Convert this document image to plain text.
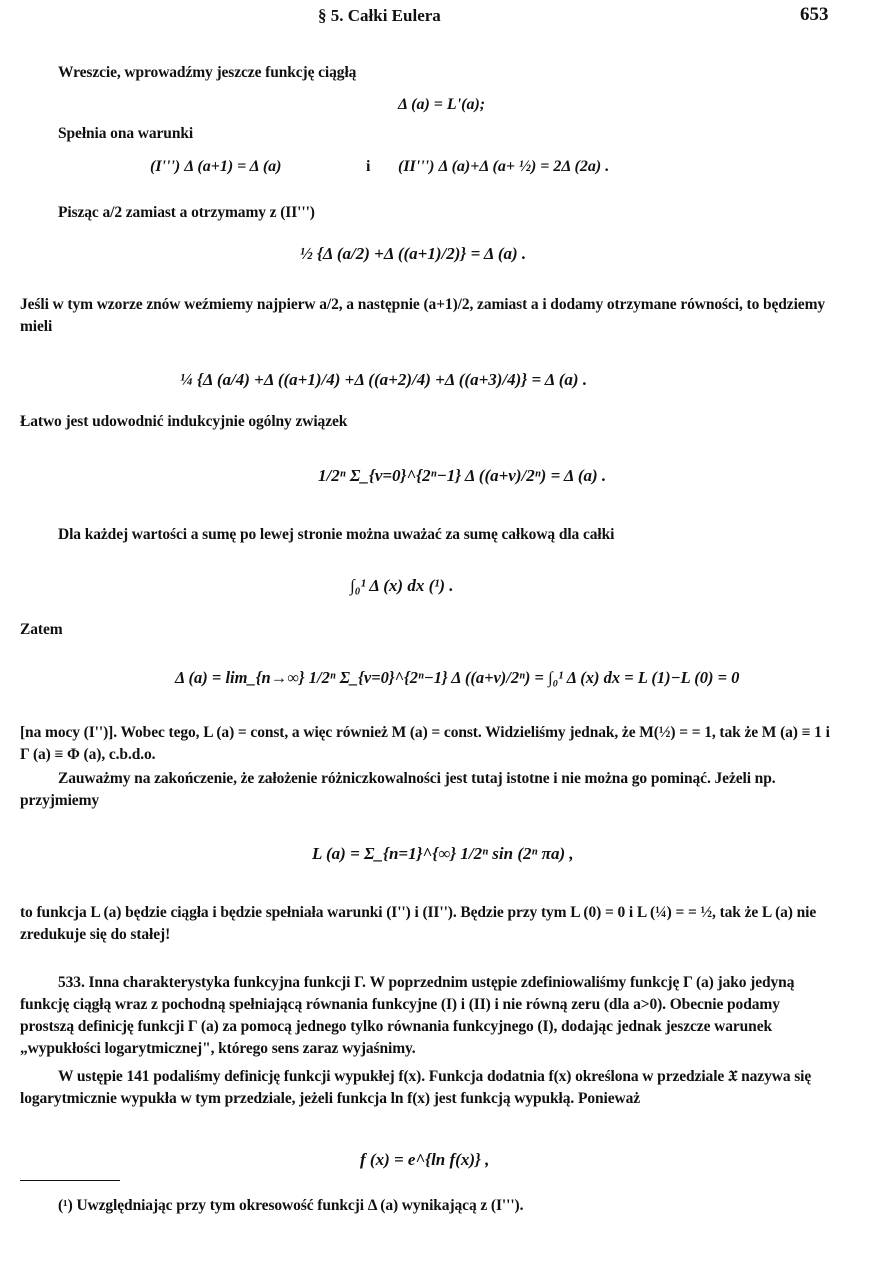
§ 5. Całki Eulera	653
Wreszcie, wprowadźmy jeszcze funkcję ciągłą
Δ (a) = L'(a);
Spełnia ona warunki
(I''') Δ (a+1) = Δ (a)	i (II''') Δ (a)+Δ (a+ ½) = 2Δ (2a) .
Pisząc a/2 zamiast a otrzymamy z (II''')
½ {Δ (a/2) +Δ ((a+1)/2)} = Δ (a) .
Jeśli w tym wzorze znów weźmiemy najpierw a/2, a następnie (a+1)/2, zamiast a i dodamy otrzymane równości, to będziemy mieli
¼ {Δ (a/4) +Δ ((a+1)/4) +Δ ((a+2)/4) +Δ ((a+3)/4)} = Δ (a) .
Łatwo jest udowodnić indukcyjnie ogólny związek
1/2ⁿ Σ_{ν=0}^{2ⁿ−1} Δ ((a+ν)/2ⁿ) = Δ (a) .
Dla każdej wartości a sumę po lewej stronie można uważać za sumę całkową dla całki
∫₀¹ Δ (x) dx (¹) .
Zatem
Δ (a) = lim_{n→∞} 1/2ⁿ Σ_{ν=0}^{2ⁿ−1} Δ ((a+ν)/2ⁿ) = ∫₀¹ Δ (x) dx = L (1)−L (0) = 0
[na mocy (I'')]. Wobec tego, L (a) = const, a więc również M (a) = const. Widzieliśmy jednak, że M(½) = = 1, tak że M (a) ≡ 1 i Γ (a) ≡ Φ (a), c.b.d.o.
Zauważmy na zakończenie, że założenie różniczkowalności jest tutaj istotne i nie można go pominąć. Jeżeli np. przyjmiemy
L (a) = Σ_{n=1}^{∞} 1/2ⁿ sin (2ⁿ πa) ,
to funkcja L (a) będzie ciągła i będzie spełniała warunki (I'') i (II''). Będzie przy tym L (0) = 0 i L (¼) = = ½, tak że L (a) nie zredukuje się do stałej!
533. Inna charakterystyka funkcyjna funkcji Γ. W poprzednim ustępie zdefiniowaliśmy funkcję Γ (a) jako jedyną funkcję ciągłą wraz z pochodną spełniającą równania funkcyjne (I) i (II) i nie równą zeru (dla a>0). Obecnie podamy prostszą definicję funkcji Γ (a) za pomocą jednego tylko równania funkcyjnego (I), dodając jednak jeszcze warunek „wypukłości logarytmicznej", którego sens zaraz wyjaśnimy.
W ustępie 141 podaliśmy definicję funkcji wypukłej f(x). Funkcja dodatnia f(x) określona w przedziale 𝔛 nazywa się logarytmicznie wypukła w tym przedziale, jeżeli funkcja ln f(x) jest funkcją wypukłą. Ponieważ
f (x) = e^{ln f(x)} ,
(¹) Uwzględniając przy tym okresowość funkcji Δ (a) wynikającą z (I''').
